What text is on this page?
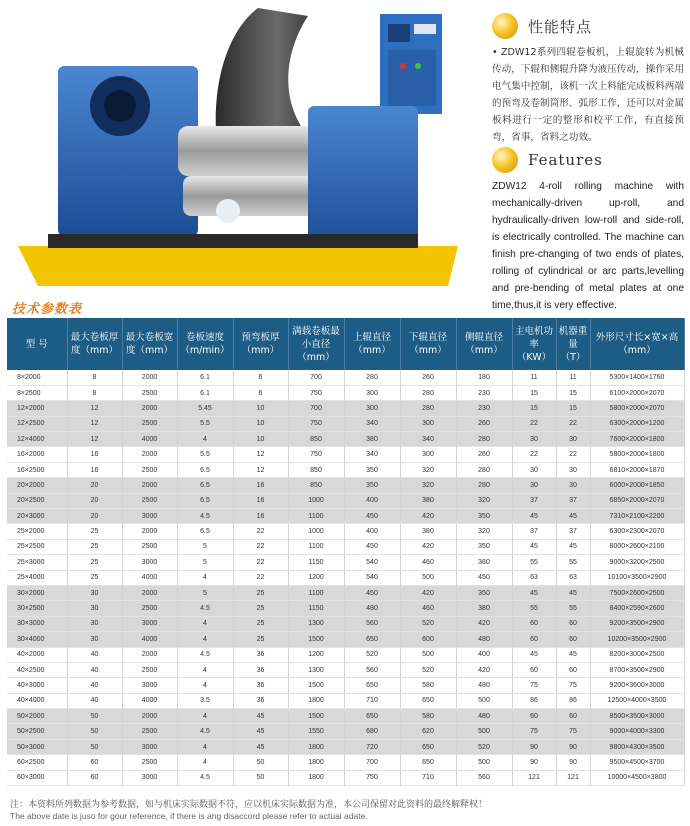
性能特点

• ZDW12系列四辊卷板机，上辊旋转为机械传动，下辊和侧辊升降为液压传动，操作采用电气集中控制，该机一次上料能完成板料两端的预弯及卷制筒形、弧形工作，还可以对金属板料进行一定的整形和校平工作，有直接预弯，省事，省料之功效。

Features

ZDW12 4-roll rolling machine with mechanically-driven up-roll, and hydraulically-driven low-roll and side-roll, is electrically controlled. The machine can finish pre-changing of two ends of plates, rolling of cylindrical or arc parts,levelling and pre-bending of metal plates at one time,thus,it is very effective.

技术参数表
型 号	最大卷板厚度（mm）	最大卷板宽度（mm）	卷板速度（m/min）	预弯板厚（mm）	满载卷板最小直径（mm）	上辊直径（mm）	下辊直径（mm）	侧辊直径（mm）	主电机功率（KW）	机器重量（T）	外形尺寸长×宽×高（mm）
8×2000	8	2000	6.1	6	700	280	260	180	11	11	5300×1400×1760
8×2500	8	2500	6.1	6	750	300	280	230	15	15	6100×2000×2070
12×2000	12	2000	5.45	10	700	300	280	230	15	15	5800×2000×2070
12×2500	12	2500	5.5	10	750	340	300	260	22	22	6300×2000×1200
12×4000	12	4000	4	10	850	380	340	280	30	30	7600×2000×1800
16×2000	16	2000	5.5	12	750	340	300	260	22	22	5800×2000×1800
16×2500	16	2500	6.5	12	850	350	320	280	30	30	6810×2000×1870
20×2000	20	2000	6.5	16	850	350	320	280	30	30	6000×2000×1850
20×2500	20	2500	6.5	16	1000	400	380	320	37	37	6850×2000×2070
20×3000	20	3000	4.5	16	1100	450	420	350	45	45	7310×2100×2200
25×2000	25	2000	6.5	22	1000	400	380	320	37	37	6300×2300×2070
25×2500	25	2500	5	22	1100	450	420	350	45	45	8000×2600×2100
25×3000	25	3000	5	22	1150	540	460	380	55	55	9000×3200×2500
25×4000	25	4000	4	22	1200	540	500	450	63	63	10100×3500×2900
30×2000	30	2000	5	25	1100	450	420	350	45	45	7500×2600×2500
30×2500	30	2500	4.5	25	1150	480	460	380	55	55	8400×2590×2600
30×3000	30	3000	4	25	1300	560	520	420	60	60	9200×3500×2900
30×4000	30	4000	4	25	1500	650	600	480	60	60	10200×3500×2900
40×2000	40	2000	4.5	36	1200	520	500	400	45	45	8200×3000×2500
40×2500	40	2500	4	36	1300	560	520	420	60	60	8700×3500×2900
40×3000	40	3000	4	36	1500	650	580	480	75	75	9200×3600×3000
40×4000	40	4000	3.5	36	1800	710	650	500	86	86	12500×4000×3500
50×2000	50	2000	4	45	1500	650	580	480	60	60	8500×3500×3000
50×2500	50	2500	4.5	45	1550	680	620	500	75	75	9000×4000×3300
50×3000	50	3000	4	45	1800	720	650	520	90	90	9800×4300×3500
60×2500	60	2500	4	50	1800	700	650	500	90	90	9500×4500×3700
60×3000	60	3000	4.5	50	1800	750	710	560	121	121	10000×4500×3800
注：本资料所列数据为参考数据，如与机床实际数据不符，应以机床实际数据为准，本公司保留对此资料的最终解释权！
The above date is juso for gour reference, if there is ang disaccord please refer to actual adate.
